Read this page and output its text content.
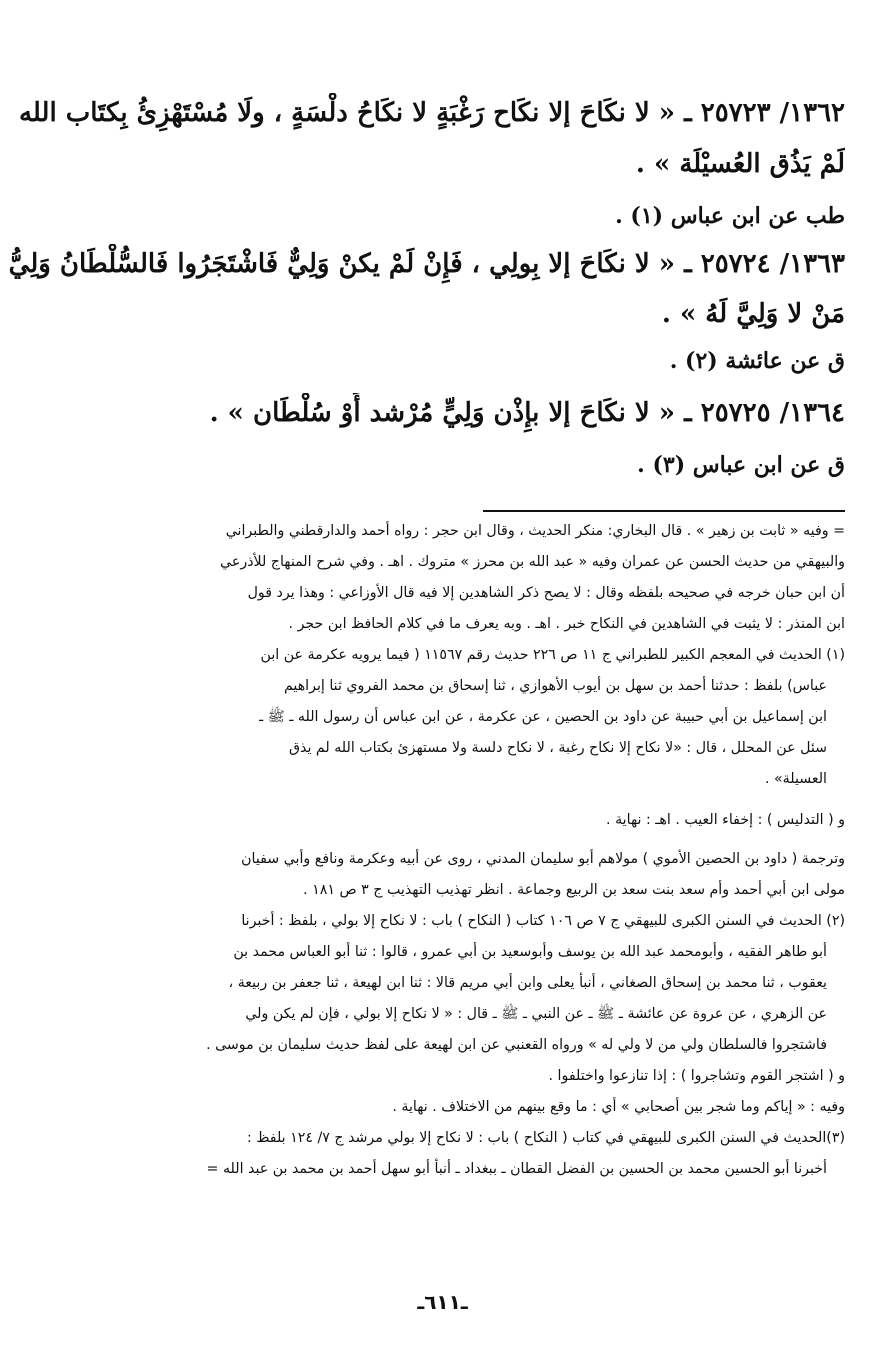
١٣٦٢/ ٢٥٧٢٣ ـ « لا نكَاحَ إلا نكَاح رَغْبَةٍ لا نكَاحُ دلْسَةٍ ، ولَا مُسْتَهْزِئُ بِكتَاب الله
لَمْ يَذُق العُسيْلَة » .
طب عن ابن عباس (١) .
١٣٦٣/ ٢٥٧٢٤ ـ « لا نكَاحَ إلا بِولِي ، فَإِنْ لَمْ يكنْ وَلِيٌّ فَاشْتَجَرُوا فَالسُّلْطَانُ وَلِيُّ
مَنْ لا وَلِيَّ لَهُ » .
ق عن عائشة (٢) .
١٣٦٤/ ٢٥٧٢٥ ـ « لا نكَاحَ إلا بإِذْن وَلِيٍّ مُرْشد أَوْ سُلْطَان » .
ق عن ابن عباس (٣) .
= وفيه « ثابت بن زهير » . قال البخاري: منكر الحديث ، وقال ابن حجر : رواه أحمد والدارقطني والطبراني
والبيهقي من حديث الحسن عن عمران وفيه « عبد الله بن محرز » متروك . اهـ . وفي شرح المنهاج للأذرعي
أن ابن حبان خرجه في صحيحه بلفظه وقال : لا يصح ذكر الشاهدين إلا فيه قال الأوزاعي : وهذا يرد قول
ابن المنذر : لا يثبت في الشاهدين في النكاح خبر . اهـ . وبه يعرف ما في كلام الحافظ ابن حجر .
(١) الحديث في المعجم الكبير للطبراني ج ١١ ص ٢٢٦ حديث رقم ١١٥٦٧ ( فيما يرويه عكرمة عن ابن
عباس) بلفظ : حدثنا أحمد بن سهل بن أيوب الأهوازي ، ثنا إسحاق بن محمد الفروي ثنا إبراهيم
ابن إسماعيل بن أبي حبيبة عن داود بن الحصين ، عن عكرمة ، عن ابن عباس أن رسول الله ـ ﷺ ـ
سئل عن المحلل ، قال : «لا نكاح إلا نكاح رغبة ، لا نكاح دلسة ولا مستهزئ بكتاب الله لم يذق
العسيلة» .
و ( التدليس ) : إخفاء العيب . اهـ : نهاية .
وترجمة ( داود بن الحصين الأموي ) مولاهم أبو سليمان المدني ، روى عن أبيه وعكرمة ونافع وأبي سفيان
مولى ابن أبي أحمد وأم سعد بنت سعد بن الربيع وجماعة . انظر تهذيب التهذيب ج ٣ ص ١٨١ .
(٢) الحديث في السنن الكبرى للبيهقي ج ٧ ص ١٠٦ كتاب ( النكاح ) باب : لا نكاح إلا بولي ، بلفظ : أخبرنا
أبو طاهر الفقيه ، وأبومحمد عبد الله بن يوسف وأبوسعيد بن أبي عمرو ، قالوا : ثنا أبو العباس محمد بن
يعقوب ، ثنا محمد بن إسحاق الصغاني ، أنبأ يعلى وابن أبي مريم قالا : ثنا ابن لهيعة ، ثنا جعفر بن ربيعة ،
عن الزهري ، عن عروة عن عائشة ـ ﷺ ـ عن النبي ـ ﷺ ـ قال : « لا نكاح إلا بولي ، فإن لم يكن ولي
فاشتجروا فالسلطان ولي من لا ولي له » ورواه القعنبي عن ابن لهيعة على لفظ حديث سليمان بن موسى .
و ( اشتجر القوم وتشاجروا ) : إذا تنازعوا واختلفوا .
وفيه : « إياكم وما شجر بين أصحابي » أي : ما وقع بينهم من الاختلاف . نهاية .
(٣)الحديث في السنن الكبرى للبيهقي في كتاب ( النكاح ) باب : لا نكاح إلا بولي مرشد ج ٧/ ١٢٤ بلفظ :
أخبرنا أبو الحسين محمد بن الحسين بن الفضل القطان ـ ببغداد ـ أنبأ أبو سهل أحمد بن محمد بن عبد الله =
ـ٦١١ـ
